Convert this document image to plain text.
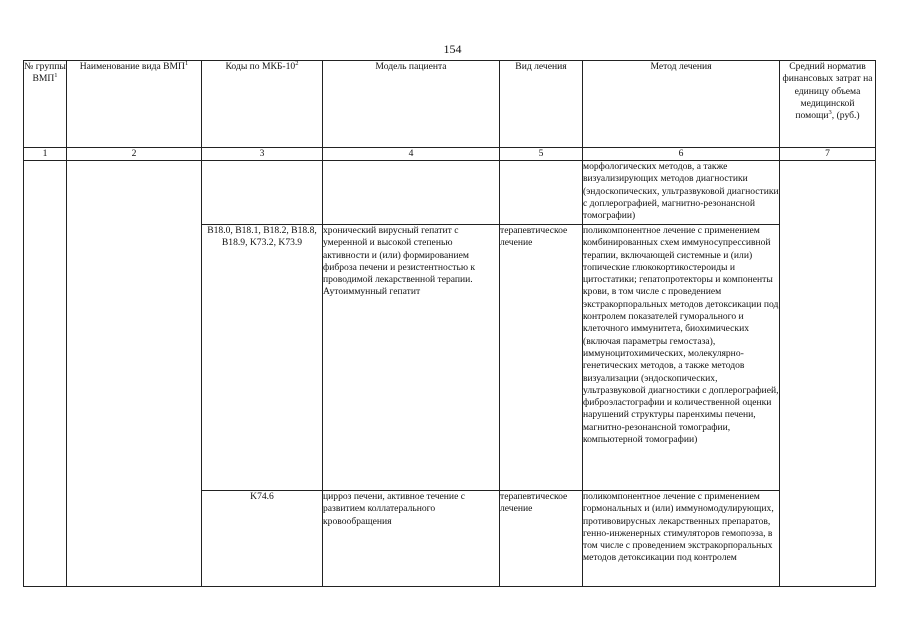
154
№ группы ВМП$^1$	Наименование вида ВМП$^1$	Коды по МКБ-$10^2$	Модель пациента	Вид лечения	Метод лечения	Средний норматив финансовых затрат на единицу объема медицинской помощи$^3$, (руб.)
1	2	3	4	5	6	7
					морфологических методов, а также визуализирующих методов диагностики (эндоскопических, ультразвуковой диагностики с доплерографией, магнитно-резонансной томографии)	
		B18.0, B18.1, B18.2, B18.8, B18.9, K73.2, K73.9	хронический вирусный гепатит с умеренной и высокой степенью активности и (или) формированием фиброза печени и резистентностью к проводимой лекарственной терапии. Аутоиммунный гепатит	терапевтическое лечение	поликомпонентное лечение с применением комбинированных схем иммуносупрессивной терапии, включающей системные и (или) топические глюкокортикостероиды и цитостатики; гепатопротекторы и компоненты крови, в том числе с проведением экстракорпоральных методов детоксикации под контролем показателей гуморального и клеточного иммунитета, биохимических (включая параметры гемостаза), иммуноцитохимических, молекулярно-генетических методов, а также методов визуализации (эндоскопических, ультразвуковой диагностики с доплерографией, фиброэластографии и количественной оценки нарушений структуры паренхимы печени, магнитно-резонансной томографии, компьютерной томографии)	
		K74.6	цирроз печени, активное течение с развитием коллатерального кровообращения	терапевтическое лечение	поликомпонентное лечение с применением гормональных и (или) иммуномодулирующих, противовирусных лекарственных препаратов, генно-инженерных стимуляторов гемопоэза, в том числе с проведением экстракорпоральных методов детоксикации под контролем	
